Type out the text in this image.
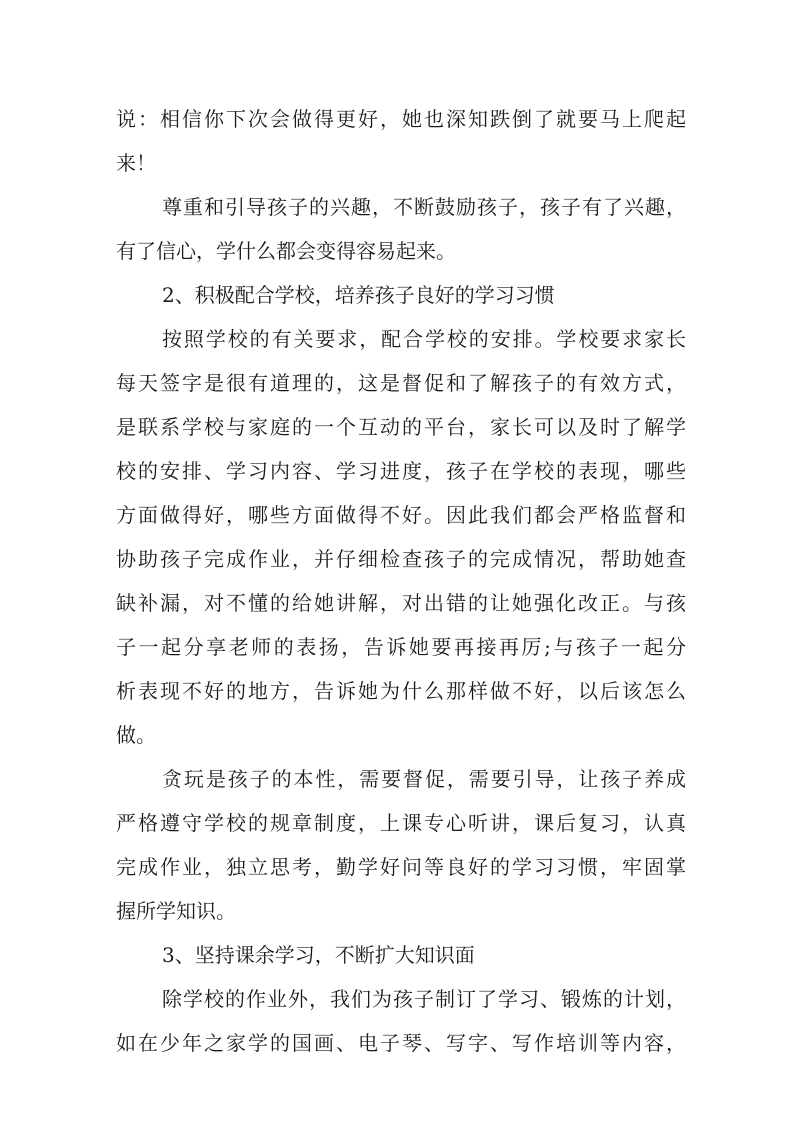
说：相信你下次会做得更好，她也深知跌倒了就要马上爬起
来！
尊重和引导孩子的兴趣，不断鼓励孩子，孩子有了兴趣，
有了信心，学什么都会变得容易起来。
2、积极配合学校，培养孩子良好的学习习惯
按照学校的有关要求，配合学校的安排。学校要求家长
每天签字是很有道理的，这是督促和了解孩子的有效方式，
是联系学校与家庭的一个互动的平台，家长可以及时了解学
校的安排、学习内容、学习进度，孩子在学校的表现，哪些
方面做得好，哪些方面做得不好。因此我们都会严格监督和
协助孩子完成作业，并仔细检查孩子的完成情况，帮助她查
缺补漏，对不懂的给她讲解，对出错的让她强化改正。与孩
子一起分享老师的表扬，告诉她要再接再厉;与孩子一起分
析表现不好的地方，告诉她为什么那样做不好，以后该怎么
做。
贪玩是孩子的本性，需要督促，需要引导，让孩子养成
严格遵守学校的规章制度，上课专心听讲，课后复习，认真
完成作业，独立思考，勤学好问等良好的学习习惯，牢固掌
握所学知识。
3、坚持课余学习，不断扩大知识面
除学校的作业外，我们为孩子制订了学习、锻炼的计划，
如在少年之家学的国画、电子琴、写字、写作培训等内容，
